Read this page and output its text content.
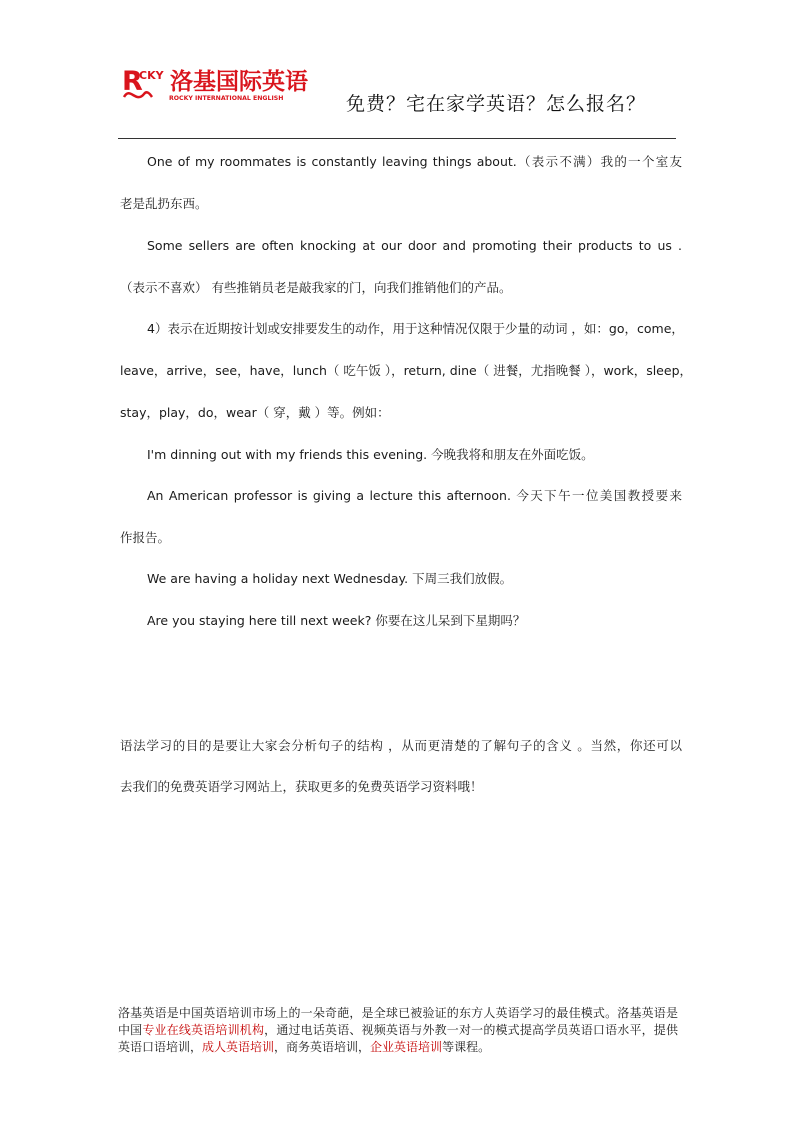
R
CKY 洛基国际英语
ROCKY INTERNATIONAL ENGLISH	免费？宅在家学英语？怎么报名？
One of my roommates is constantly leaving things about.（表示不满）我的一个室友
老是乱扔东西。
Some sellers are often knocking at our door and promoting their products to us .
（表示不喜欢） 有些推销员老是敲我家的门，向我们推销他们的产品。
4）表示在近期按计划或安排要发生的动作，用于这种情况仅限于少量的动词 ，如：go，come，
leave，arrive，see，have，lunch（ 吃午饭 ），return, dine（ 进餐，尤指晚餐 ），work，sleep，
stay，play，do，wear（ 穿，戴 ）等。例如：
I'm dinning out with my friends this evening. 今晚我将和朋友在外面吃饭。
An American professor is giving a lecture this afternoon. 今天下午一位美国教授要来
作报告。
We are having a holiday next Wednesday. 下周三我们放假。
Are you staying here till next week? 你要在这儿呆到下星期吗？
语法学习的目的是要让大家会分析句子的结构 ，从而更清楚的了解句子的含义 。当然，你还可以
去我们的免费英语学习网站上，获取更多的免费英语学习资料哦！
洛基英语是中国英语培训市场上的一朵奇葩，是全球已被验证的东方人英语学习的最佳模式。洛基英语是中国专业在线英语培训机构，通过电话英语、视频英语与外教一对一的模式提高学员英语口语水平，提供英语口语培训，成人英语培训，商务英语培训，企业英语培训等课程。
